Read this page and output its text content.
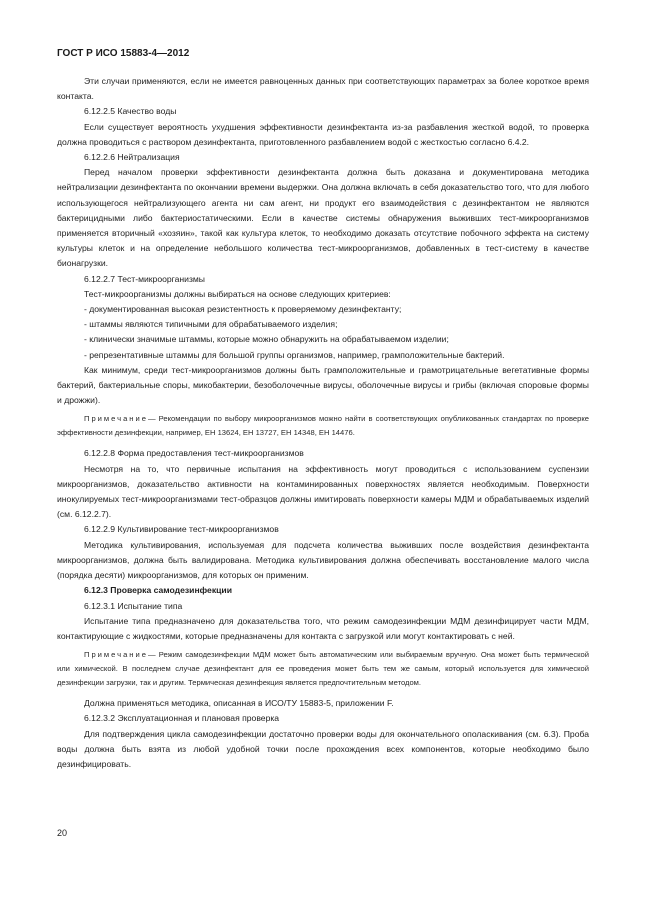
ГОСТ Р ИСО 15883-4—2012

Эти случаи применяются, если не имеется равноценных данных при соответствующих параметрах за более короткое время контакта.

6.12.2.5 Качество воды

Если существует вероятность ухудшения эффективности дезинфектанта из-за разбавления жесткой водой, то проверка должна проводиться с раствором дезинфектанта, приготовленного разбавлением водой с жесткостью согласно 6.4.2.

6.12.2.6 Нейтрализация

Перед началом проверки эффективности дезинфектанта должна быть доказана и документирована методика нейтрализации дезинфектанта по окончании времени выдержки. Она должна включать в себя доказательство того, что для любого использующегося нейтрализующего агента ни сам агент, ни продукт его взаимодействия с дезинфектантом не являются бактерицидными либо бактериостатическими. Если в качестве системы обнаружения выживших тест-микроорганизмов применяется вторичный «хозяин», такой как культура клеток, то необходимо доказать отсутствие побочного эффекта на систему культуры клеток и на определение небольшого количества тест-микроорганизмов, добавленных в тест-систему в качестве бионагрузки.

6.12.2.7 Тест-микроорганизмы

Тест-микроорганизмы должны выбираться на основе следующих критериев:

- документированная высокая резистентность к проверяемому дезинфектанту;

- штаммы являются типичными для обрабатываемого изделия;

- клинически значимые штаммы, которые можно обнаружить на обрабатываемом изделии;

- репрезентативные штаммы для большой группы организмов, например, грамположительные бактерий.

Как минимум, среди тест-микроорганизмов должны быть грамположительные и грамотрицательные вегетативные формы бактерий, бактериальные споры, микобактерии, безоболочечные вирусы, оболочечные вирусы и грибы (включая споровые формы и дрожжи).

Примечание— Рекомендации по выбору микроорганизмов можно найти в соответствующих опубликованных стандартах по проверке эффективности дезинфекции, например, ЕН 13624, ЕН 13727, ЕН 14348, ЕН 14476.

6.12.2.8 Форма предоставления тест-микроорганизмов

Несмотря на то, что первичные испытания на эффективность могут проводиться с использованием суспензии микроорганизмов, доказательство активности на контаминированных поверхностях является необходимым. Поверхности инокулируемых тест-микроорганизмами тест-образцов должны имитировать поверхности камеры МДМ и обрабатываемых изделий (см. 6.12.2.7).

6.12.2.9 Культивирование тест-микроорганизмов

Методика культивирования, используемая для подсчета количества выживших после воздействия дезинфектанта микроорганизмов, должна быть валидирована. Методика культивирования должна обеспечивать восстановление малого числа (порядка десяти) микроорганизмов, для которых он применим.

6.12.3 Проверка самодезинфекции

6.12.3.1 Испытание типа

Испытание типа предназначено для доказательства того, что режим самодезинфекции МДМ дезинфицирует части МДМ, контактирующие с жидкостями, которые предназначены для контакта с загрузкой или могут контактировать с ней.

Примечание— Режим самодезинфекции МДМ может быть автоматическим или выбираемым вручную. Она может быть термической или химической. В последнем случае дезинфектант для ее проведения может быть тем же самым, который используется для химической дезинфекции загрузки, так и другим. Термическая дезинфекция является предпочтительным методом.

Должна применяться методика, описанная в ИСО/ТУ 15883-5, приложении F.

6.12.3.2 Эксплуатационная и плановая проверка

Для подтверждения цикла самодезинфекции достаточно проверки воды для окончательного ополаскивания (см. 6.3). Проба воды должна быть взята из любой удобной точки после прохождения всех компонентов, которые необходимо было дезинфицировать.

20
